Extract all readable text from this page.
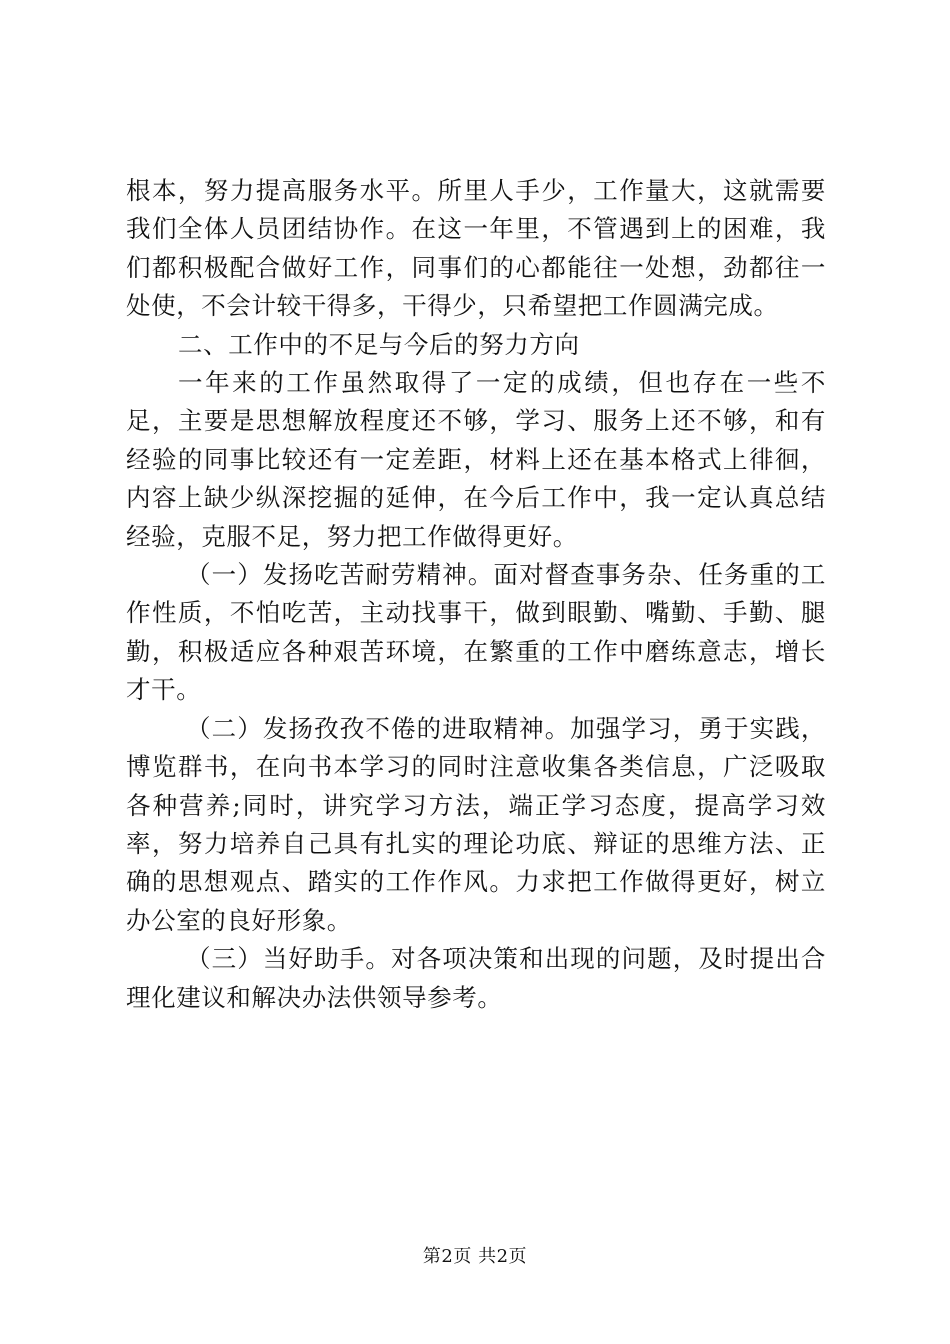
根本，努力提高服务水平。所里人手少，工作量大，这就需要我们全体人员团结协作。在这一年里，不管遇到上的困难，我们都积极配合做好工作，同事们的心都能往一处想，劲都往一处使，不会计较干得多，干得少，只希望把工作圆满完成。

二、工作中的不足与今后的努力方向

一年来的工作虽然取得了一定的成绩，但也存在一些不足，主要是思想解放程度还不够，学习、服务上还不够，和有经验的同事比较还有一定差距，材料上还在基本格式上徘徊，内容上缺少纵深挖掘的延伸，在今后工作中，我一定认真总结经验，克服不足，努力把工作做得更好。

（一）发扬吃苦耐劳精神。面对督查事务杂、任务重的工作性质，不怕吃苦，主动找事干，做到眼勤、嘴勤、手勤、腿勤，积极适应各种艰苦环境，在繁重的工作中磨练意志，增长才干。

（二）发扬孜孜不倦的进取精神。加强学习，勇于实践，博览群书，在向书本学习的同时注意收集各类信息，广泛吸取各种营养;同时，讲究学习方法，端正学习态度，提高学习效率，努力培养自己具有扎实的理论功底、辩证的思维方法、正确的思想观点、踏实的工作作风。力求把工作做得更好，树立办公室的良好形象。

（三）当好助手。对各项决策和出现的问题，及时提出合理化建议和解决办法供领导参考。

第2页 共2页
